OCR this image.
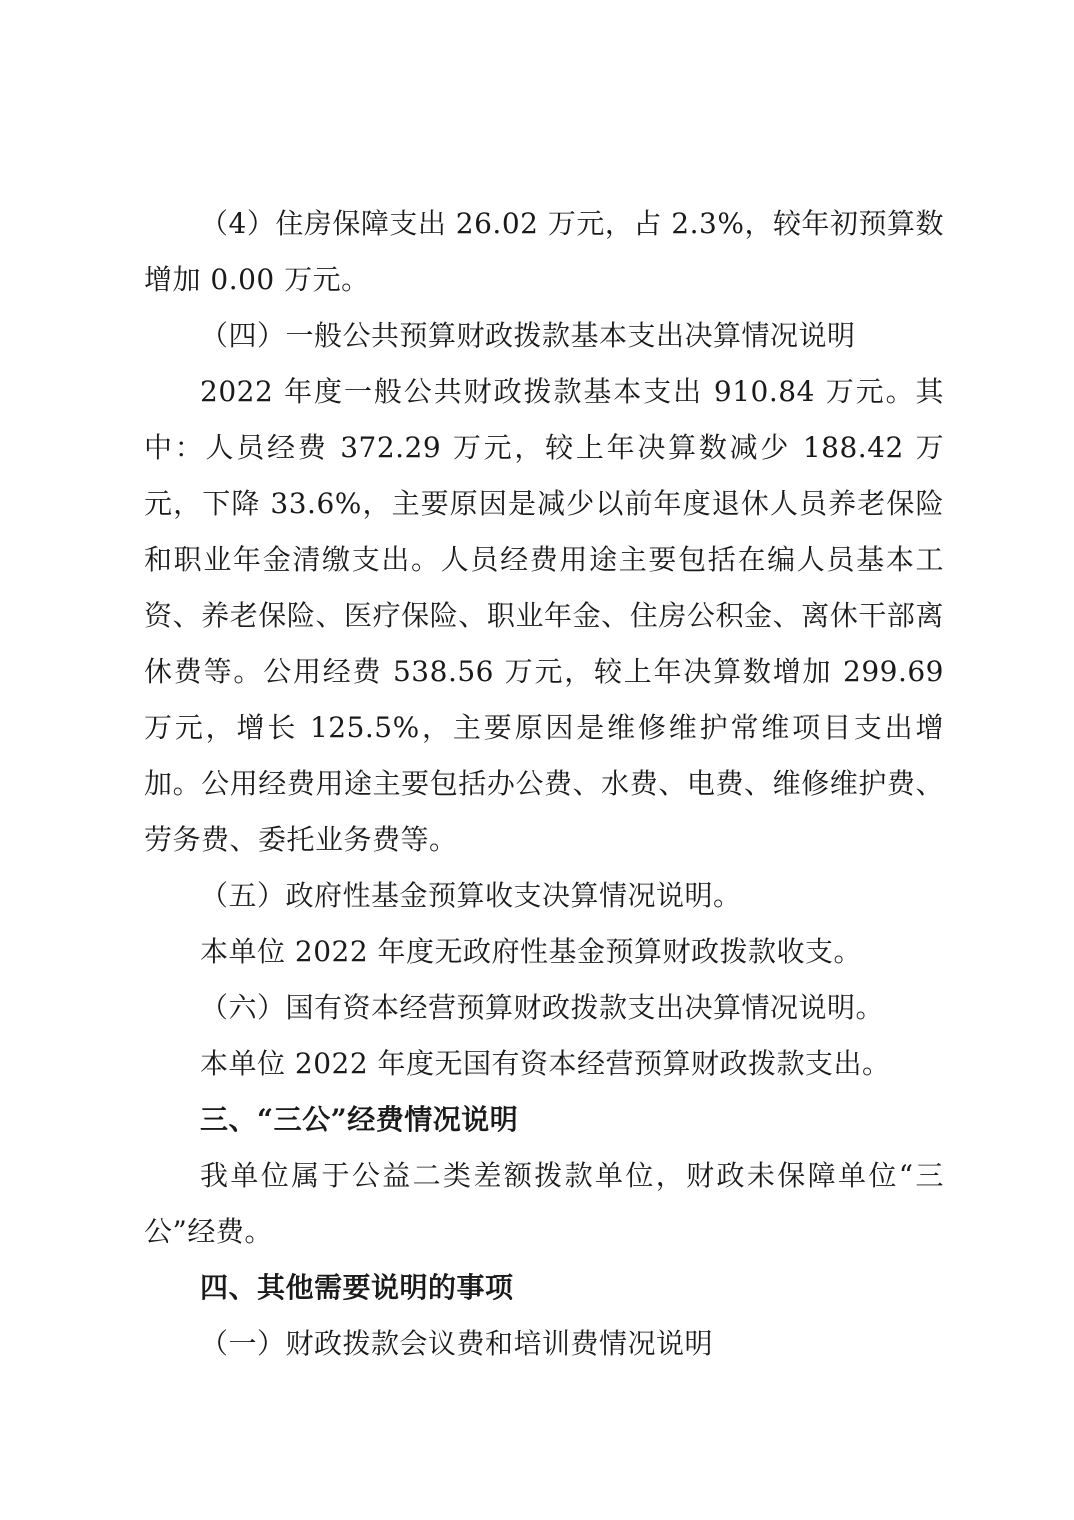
（4）住房保障支出 26.02 万元，占 2.3%，较年初预算数增加 0.00 万元。

（四）一般公共预算财政拨款基本支出决算情况说明

2022 年度一般公共财政拨款基本支出 910.84 万元。其中：人员经费 372.29 万元，较上年决算数减少 188.42 万元，下降 33.6%，主要原因是减少以前年度退休人员养老保险和职业年金清缴支出。人员经费用途主要包括在编人员基本工资、养老保险、医疗保险、职业年金、住房公积金、离休干部离休费等。公用经费 538.56 万元，较上年决算数增加 299.69 万元，增长 125.5%，主要原因是维修维护常维项目支出增加。公用经费用途主要包括办公费、水费、电费、维修维护费、劳务费、委托业务费等。

（五）政府性基金预算收支决算情况说明。

本单位 2022 年度无政府性基金预算财政拨款收支。

（六）国有资本经营预算财政拨款支出决算情况说明。

本单位 2022 年度无国有资本经营预算财政拨款支出。

三、“三公”经费情况说明

我单位属于公益二类差额拨款单位，财政未保障单位“三公”经费。

四、其他需要说明的事项

（一）财政拨款会议费和培训费情况说明
